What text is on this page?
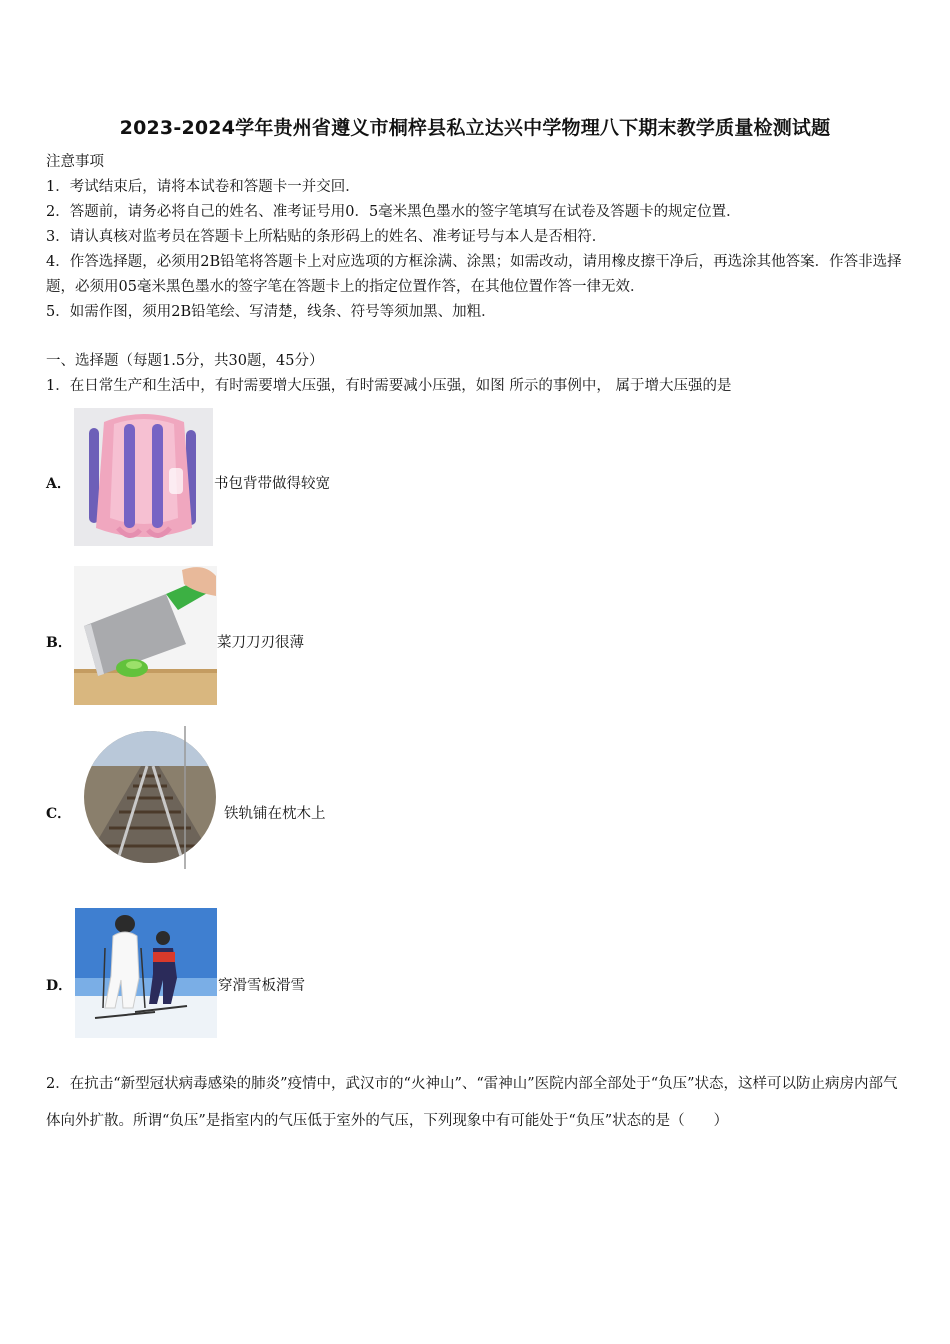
2023-2024学年贵州省遵义市桐梓县私立达兴中学物理八下期末教学质量检测试题
注意事项
1．考试结束后，请将本试卷和答题卡一并交回．
2．答题前，请务必将自己的姓名、准考证号用0．5毫米黑色墨水的签字笔填写在试卷及答题卡的规定位置．
3．请认真核对监考员在答题卡上所粘贴的条形码上的姓名、准考证号与本人是否相符．
4．作答选择题，必须用2B铅笔将答题卡上对应选项的方框涂满、涂黑；如需改动，请用橡皮擦干净后，再选涂其他答案．作答非选择题，必须用05毫米黑色墨水的签字笔在答题卡上的指定位置作答，在其他位置作答一律无效．
5．如需作图，须用2B铅笔绘、写清楚，线条、符号等须加黑、加粗．
一、选择题（每题1.5分，共30题，45分）
1．在日常生产和生活中，有时需要增大压强，有时需要减小压强，如图 所示的事例中， 属于增大压强的是
A．	书包背带做得较宽
B．	菜刀刀刃很薄
C．	铁轨铺在枕木上
D．	穿滑雪板滑雪
2．在抗击“新型冠状病毒感染的肺炎”疫情中，武汉市的“火神山”、“雷神山”医院内部全部处于“负压”状态，这样可以防止病房内部气体向外扩散。所谓“负压”是指室内的气压低于室外的气压，下列现象中有可能处于“负压”状态的是（　　）
